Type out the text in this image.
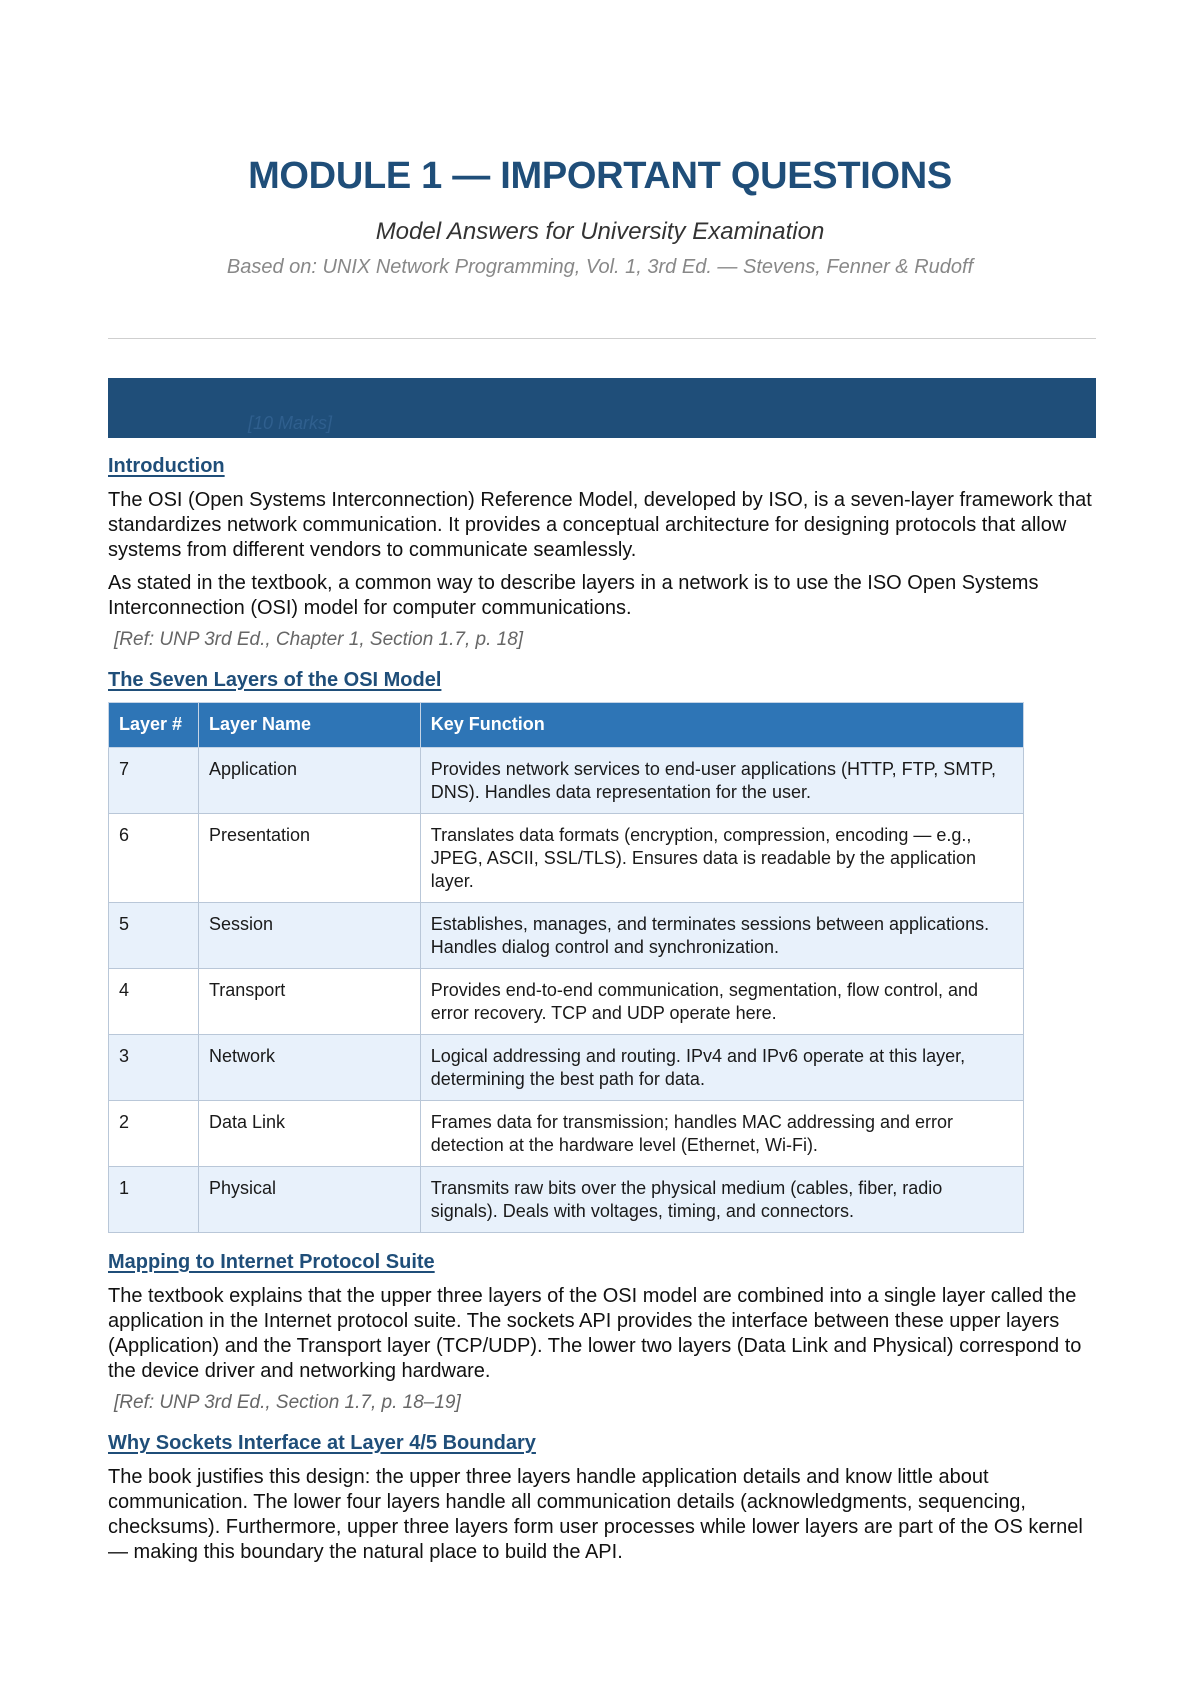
MODULE 1 — IMPORTANT QUESTIONS
Model Answers for University Examination
Based on: UNIX Network Programming, Vol. 1, 3rd Ed. — Stevens, Fenner & Rudoff
[10 Marks]
Introduction

The OSI (Open Systems Interconnection) Reference Model, developed by ISO, is a seven-layer framework that standardizes network communication. It provides a conceptual architecture for designing protocols that allow systems from different vendors to communicate seamlessly.

As stated in the textbook, a common way to describe layers in a network is to use the ISO Open Systems Interconnection (OSI) model for computer communications.

[Ref: UNP 3rd Ed., Chapter 1, Section 1.7, p. 18]
The Seven Layers of the OSI Model
Layer #	Layer Name	Key Function
7	Application	Provides network services to end-user applications (HTTP, FTP, SMTP, DNS). Handles data representation for the user.
6	Presentation	Translates data formats (encryption, compression, encoding — e.g., JPEG, ASCII, SSL/TLS). Ensures data is readable by the application layer.
5	Session	Establishes, manages, and terminates sessions between applications. Handles dialog control and synchronization.
4	Transport	Provides end-to-end communication, segmentation, flow control, and error recovery. TCP and UDP operate here.
3	Network	Logical addressing and routing. IPv4 and IPv6 operate at this layer, determining the best path for data.
2	Data Link	Frames data for transmission; handles MAC addressing and error detection at the hardware level (Ethernet, Wi-Fi).
1	Physical	Transmits raw bits over the physical medium (cables, fiber, radio signals). Deals with voltages, timing, and connectors.
Mapping to Internet Protocol Suite

The textbook explains that the upper three layers of the OSI model are combined into a single layer called the application in the Internet protocol suite. The sockets API provides the interface between these upper layers (Application) and the Transport layer (TCP/UDP). The lower two layers (Data Link and Physical) correspond to the device driver and networking hardware.

[Ref: UNP 3rd Ed., Section 1.7, p. 18–19]
Why Sockets Interface at Layer 4/5 Boundary

The book justifies this design: the upper three layers handle application details and know little about communication. The lower four layers handle all communication details (acknowledgments, sequencing, checksums). Furthermore, upper three layers form user processes while lower layers are part of the OS kernel — making this boundary the natural place to build the API.
